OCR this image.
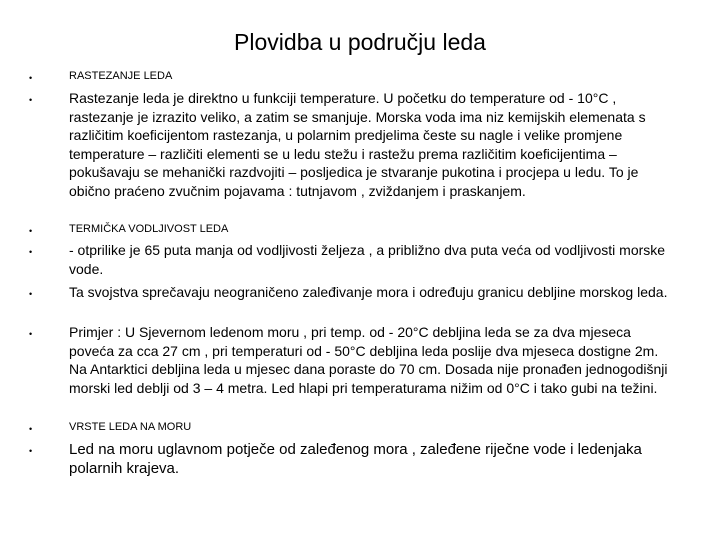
Plovidba u području leda
•	RASTEZANJE LEDA
•	Rastezanje leda je direktno u funkciji temperature. U početku do temperature od - 10°C , rastezanje je izrazito veliko, a zatim se smanjuje. Morska voda ima niz kemijskih elemenata s različitim koeficijentom rastezanja, u polarnim predjelima česte su nagle i velike promjene temperature – različiti elementi se u ledu stežu i rastežu prema različitim koeficijentima – pokušavaju se mehanički razdvojiti – posljedica je stvaranje pukotina i procjepa u ledu. To je obično praćeno zvučnim pojavama : tutnjavom , zviždanjem i praskanjem.
•	TERMIČKA VODLJIVOST LEDA
•	- otprilike je 65 puta manja od vodljivosti željeza , a približno dva puta veća od vodljivosti morske vode.
•	Ta svojstva sprečavaju neograničeno zaleđivanje mora i određuju granicu debljine morskog leda.
•	Primjer : U Sjevernom ledenom moru , pri temp. od - 20°C debljina leda se za dva mjeseca poveća za cca 27 cm , pri temperaturi od - 50°C debljina leda poslije dva mjeseca dostigne 2m. Na Antarktici debljina leda u mjesec dana poraste do 70 cm. Dosada nije pronađen jednogodišnji morski led deblji od 3 – 4 metra. Led hlapi pri temperaturama nižim od 0°C i tako gubi na težini.
•	VRSTE LEDA NA MORU
•	Led na moru uglavnom potječe od zaleđenog mora , zaleđene riječne vode i ledenjaka polarnih krajeva.
